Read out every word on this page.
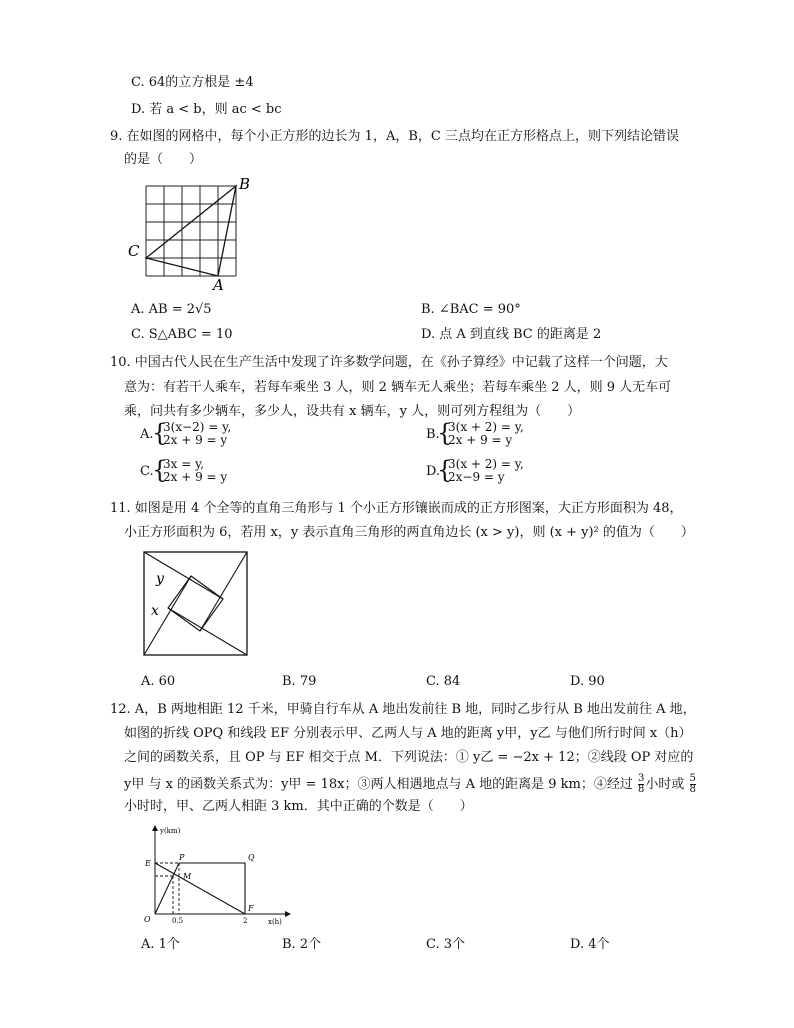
C. 64的立方根是 ±4
D. 若 a < b，则 ac < bc
9. 在如图的网格中，每个小正方形的边长为 1，A，B，C 三点均在正方形格点上，则下列结论错误
的是（　　）
B
C
A
A. AB = 2√5	B. ∠BAC = 90°
C. S△ABC = 10	D. 点 A 到直线 BC 的距离是 2
10. 中国古代人民在生产生活中发现了许多数学问题，在《孙子算经》中记载了这样一个问题，大
意为：有若干人乘车，若每车乘坐 3 人，则 2 辆车无人乘坐；若每车乘坐 2 人，则 9 人无车可
乘，问共有多少辆车，多少人，设共有 x 辆车，y 人，则可列方程组为（　　）
A.
{
3(x−2) = y,
2x + 9 = y	B.
{
3(x + 2) = y,
2x + 9 = y
C.
{
3x = y,
2x + 9 = y	D.
{
3(x + 2) = y,
2x−9 = y
11. 如图是用 4 个全等的直角三角形与 1 个小正方形镶嵌而成的正方形图案，大正方形面积为 48，
小正方形面积为 6，若用 x，y 表示直角三角形的两直角边长 (x > y)，则 (x + y)² 的值为（　　）
y
x
A. 60	B. 79	C. 84	D. 90
12. A，B 两地相距 12 千米，甲骑自行车从 A 地出发前往 B 地，同时乙步行从 B 地出发前往 A 地，
如图的折线 OPQ 和线段 EF 分别表示甲、乙两人与 A 地的距离 y甲，y乙 与他们所行时间 x（h）
之间的函数关系，且 OP 与 EF 相交于点 M．下列说法：① y乙 = −2x + 12；②线段 OP 对应的
y甲 与 x 的函数关系式为：y甲 = 18x；③两人相遇地点与 A 地的距离是 9 km；④经过 $\frac{3}{8}$ 小时或 $\frac{5}{8}$
小时时，甲、乙两人相距 3 km．其中正确的个数是（　　）
y(km)
x(h)
E
P	Q
M
F
O	0.5	2
A. 1个	B. 2个	C. 3个	D. 4个
